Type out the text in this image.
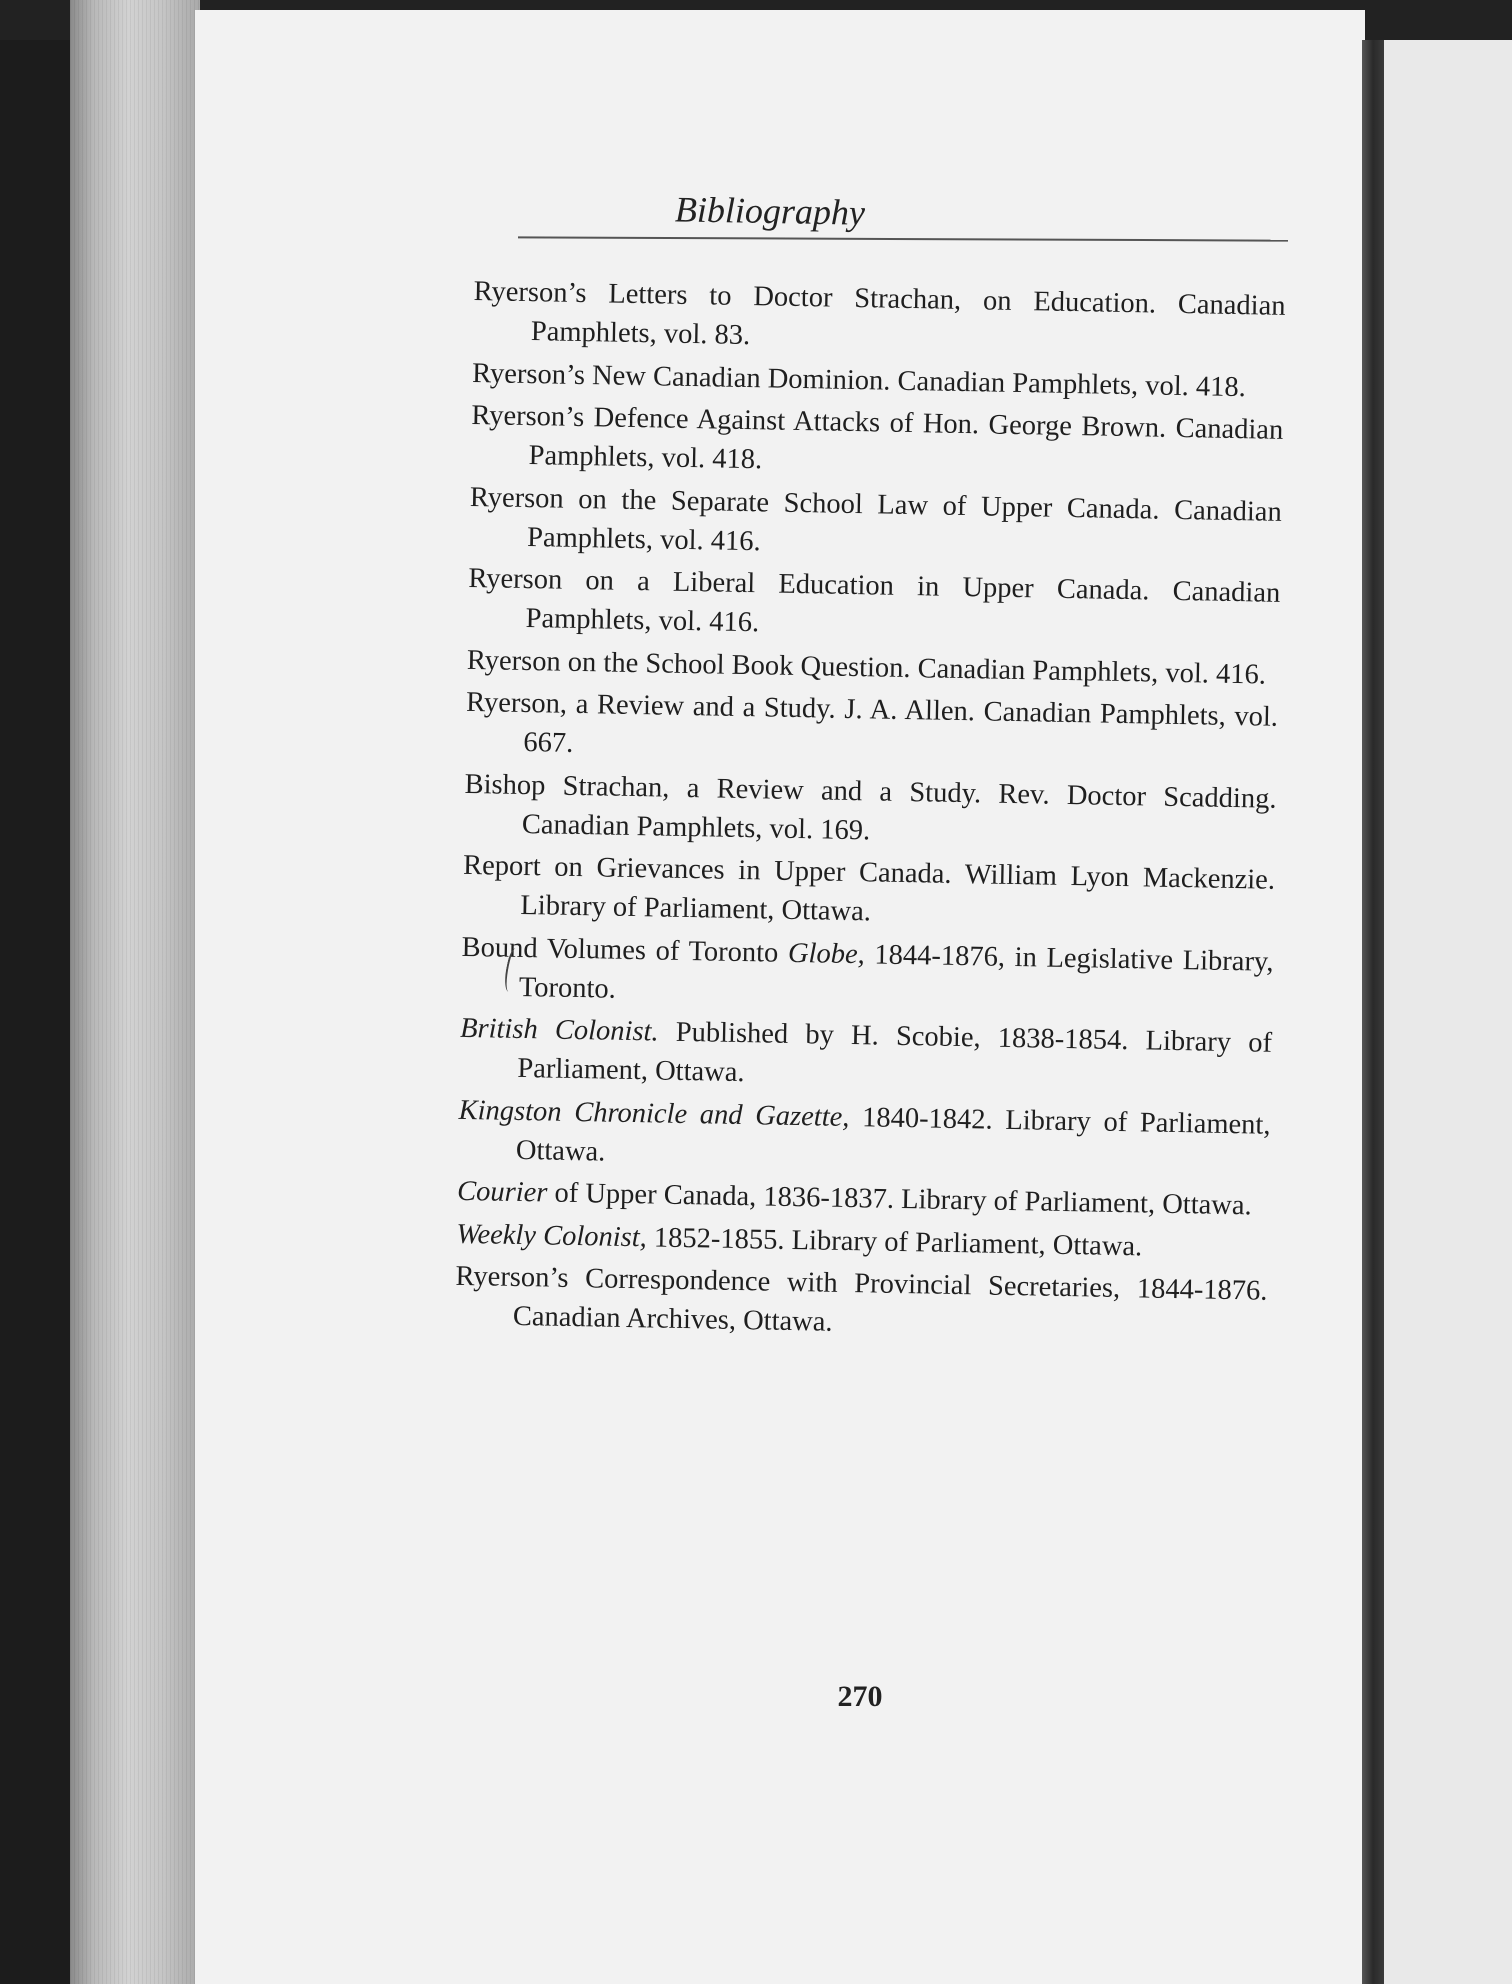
Bibliography
Ryerson’s Letters to Doctor Strachan, on Education. Canadian Pamphlets, vol. 83.
Ryerson’s New Canadian Dominion. Canadian Pamphlets, vol. 418.
Ryerson’s Defence Against Attacks of Hon. George Brown. Canadian Pamphlets, vol. 418.
Ryerson on the Separate School Law of Upper Canada. Canadian Pamphlets, vol. 416.
Ryerson on a Liberal Education in Upper Canada. Canadian Pamphlets, vol. 416.
Ryerson on the School Book Question. Canadian Pamphlets, vol. 416.
Ryerson, a Review and a Study. J. A. Allen. Canadian Pamphlets, vol. 667.
Bishop Strachan, a Review and a Study. Rev. Doctor Scadding. Canadian Pamphlets, vol. 169.
Report on Grievances in Upper Canada. William Lyon Mackenzie. Library of Parliament, Ottawa.
Bound Volumes of Toronto Globe, 1844-1876, in Legislative Library, Toronto.
British Colonist. Published by H. Scobie, 1838-1854. Library of Parliament, Ottawa.
Kingston Chronicle and Gazette, 1840-1842. Library of Parliament, Ottawa.
Courier of Upper Canada, 1836-1837. Library of Parliament, Ottawa.
Weekly Colonist, 1852-1855. Library of Parliament, Ottawa.
Ryerson’s Correspondence with Provincial Secretaries, 1844-1876. Canadian Archives, Ottawa.
270
